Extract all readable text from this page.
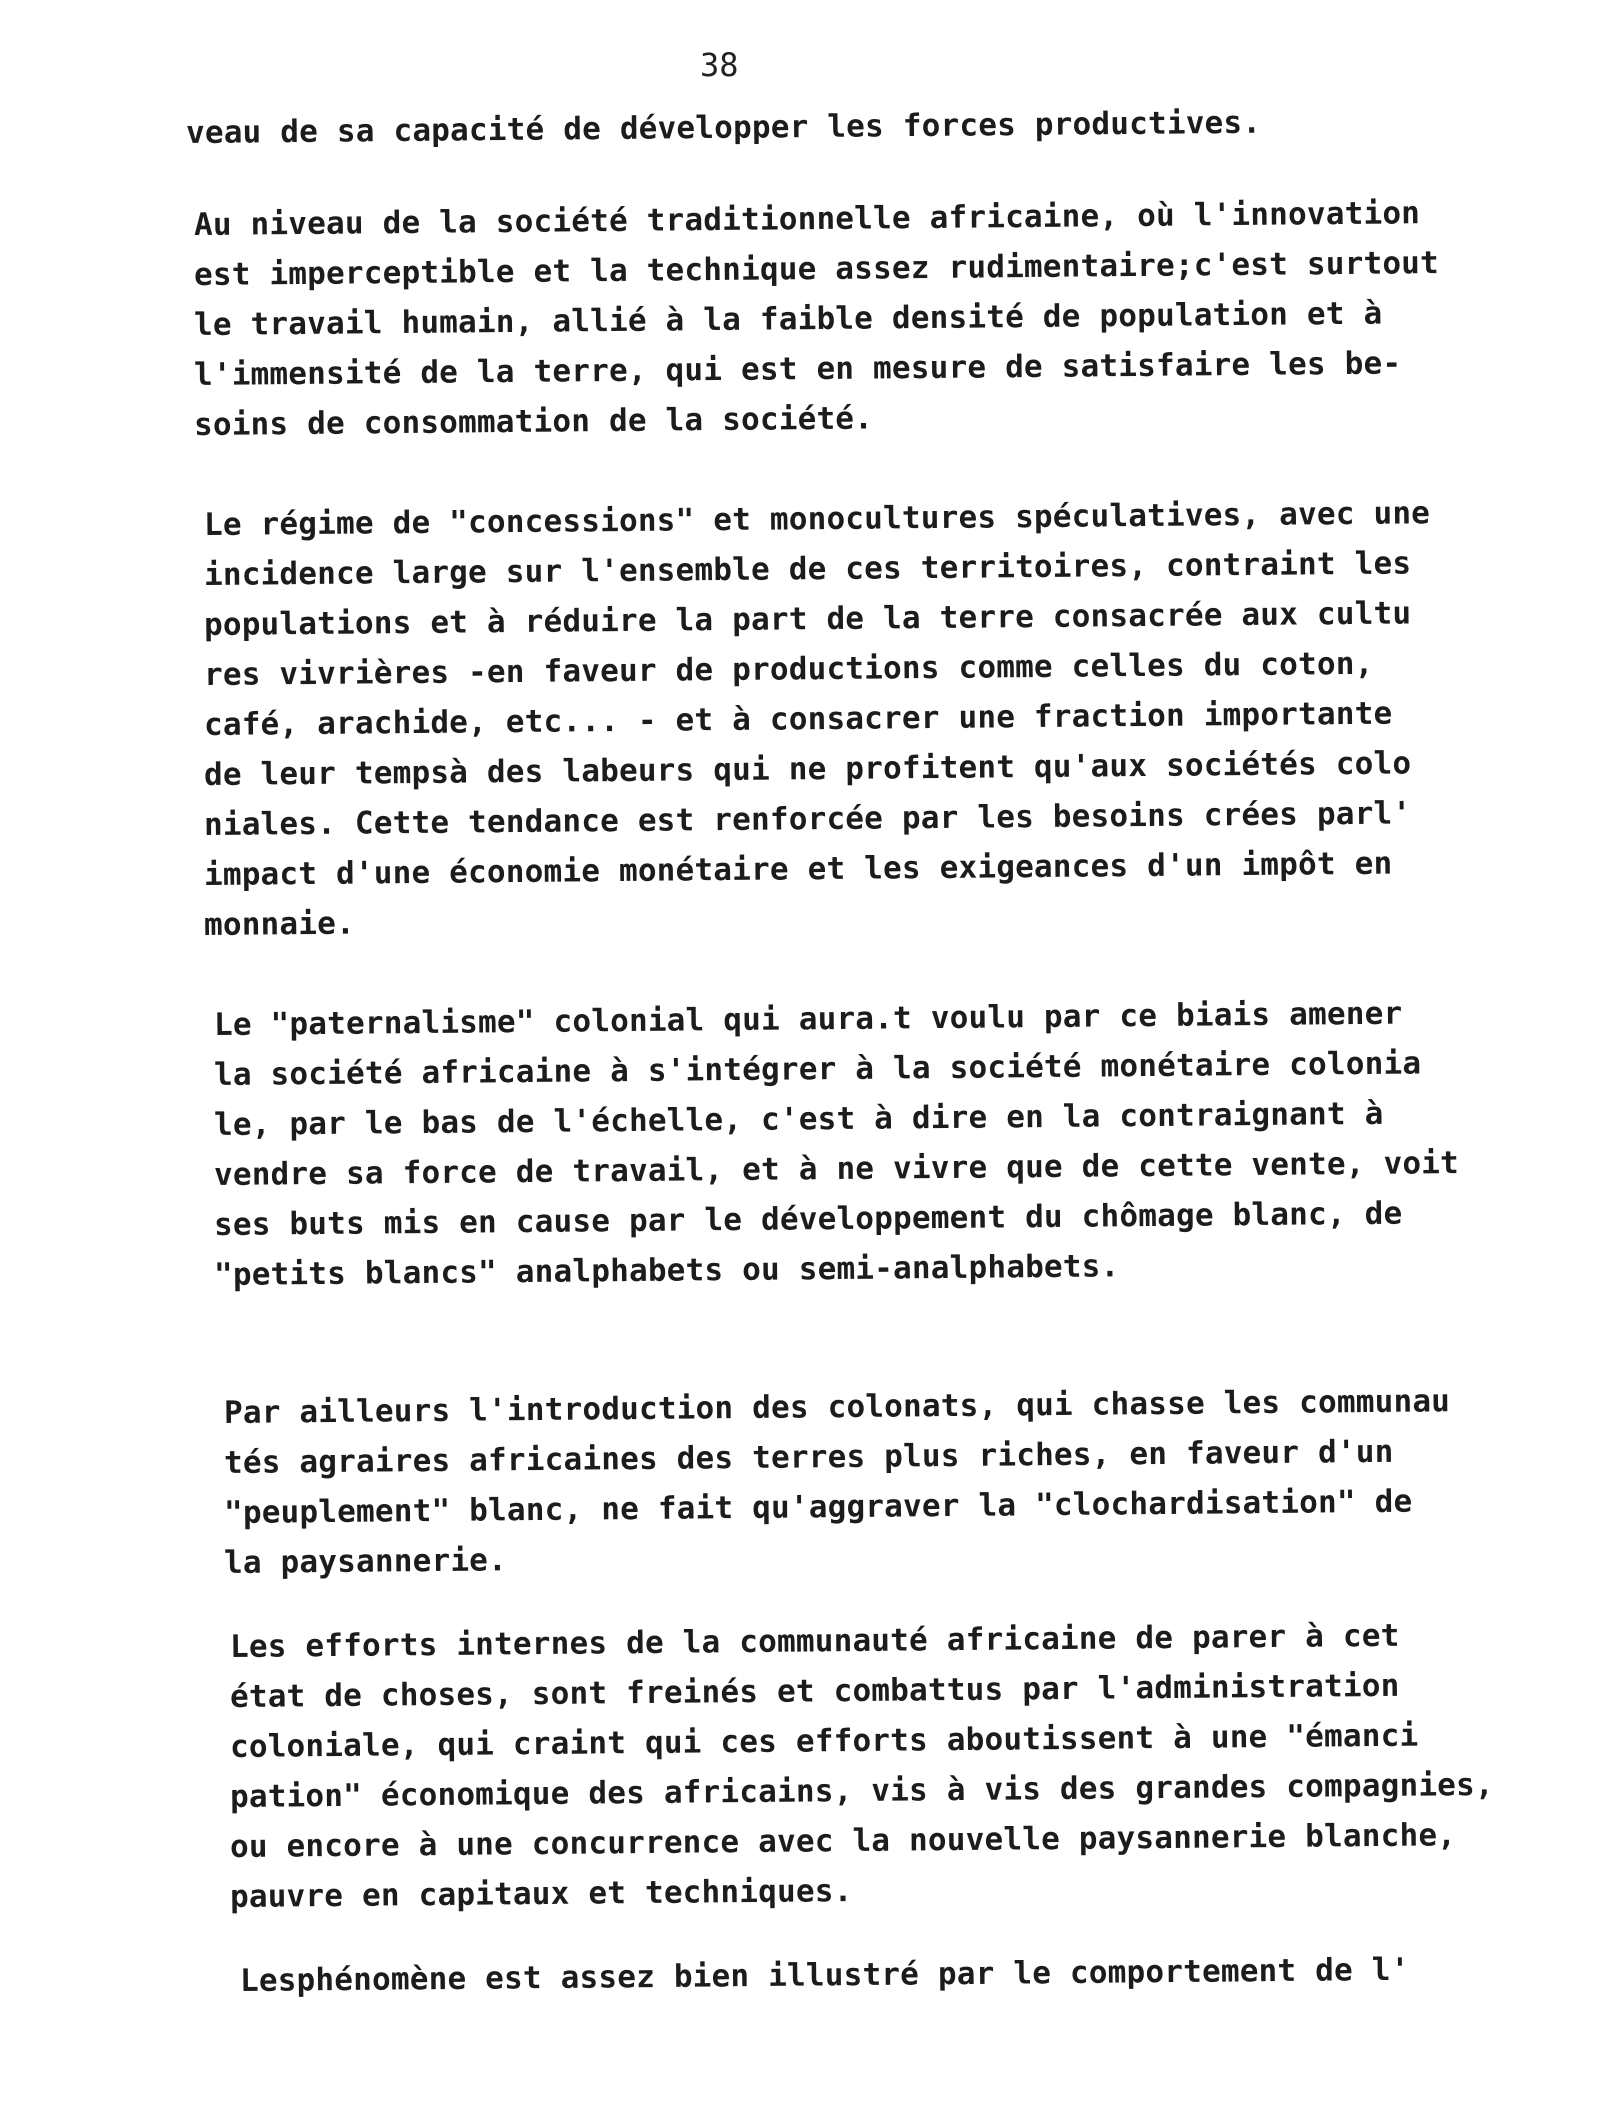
38
veau de sa capacité de développer les forces productives.
Au niveau de la société traditionnelle africaine, où l'innovation
est imperceptible et la technique assez rudimentaire;c'est surtout
le travail humain, allié à la faible densité de population et à
l'immensité de la terre, qui est en mesure de satisfaire les be-
soins de consommation de la société.
Le régime de "concessions" et monocultures spéculatives, avec une
incidence large sur l'ensemble de ces territoires, contraint les
populations et à réduire la part de la terre consacrée aux cultu
res vivrières -en faveur de productions comme celles du coton,
café, arachide, etc... - et à consacrer une fraction importante
de leur tempsà des labeurs qui ne profitent qu'aux sociétés colo
niales. Cette tendance est renforcée par les besoins crées parl'
impact d'une économie monétaire et les exigeances d'un impôt en
monnaie.
Le "paternalisme" colonial qui aura.t voulu par ce biais amener
la société africaine à s'intégrer à la société monétaire colonia
le, par le bas de l'échelle, c'est à dire en la contraignant à
vendre sa force de travail, et à ne vivre que de cette vente, voit
ses buts mis en cause par le développement du chômage blanc, de
"petits blancs" analphabets ou semi-analphabets.
Par ailleurs l'introduction des colonats, qui chasse les communau
tés agraires africaines des terres plus riches, en faveur d'un
"peuplement" blanc, ne fait qu'aggraver la "clochardisation" de
la paysannerie.
Les efforts internes de la communauté africaine de parer à cet
état de choses, sont freinés et combattus par l'administration
coloniale, qui craint qui ces efforts aboutissent à une "émanci
pation" économique des africains, vis à vis des grandes compagnies,
ou encore à une concurrence avec la nouvelle paysannerie blanche,
pauvre en capitaux et techniques.
Lesphénomène est assez bien illustré par le comportement de l'
